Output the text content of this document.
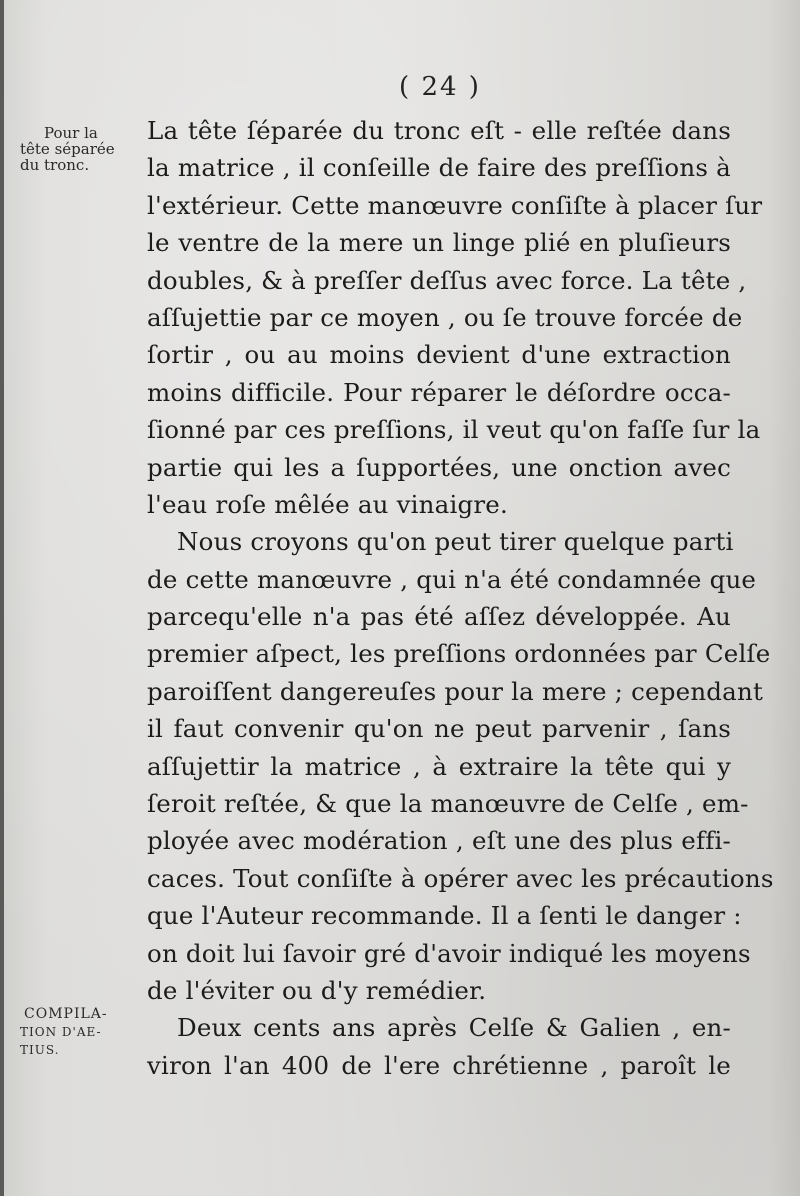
( 24 )
Pour la
tête séparée
du tronc.
COMPILA-
TION D'AE-
TIUS.
La tête ſéparée du tronc eſt - elle reſtée dans
la matrice , il conſeille de faire des preſſions à
l'extérieur. Cette manœuvre conſiſte à placer ſur
le ventre de la mere un linge plié en pluſieurs
doubles, & à preſſer deſſus avec force. La tête ,
aſſujettie par ce moyen , ou ſe trouve forcée de
ſortir , ou au moins devient d'une extraction
moins difficile. Pour réparer le déſordre occa-
ſionné par ces preſſions, il veut qu'on faſſe ſur la
partie qui les a ſupportées, une onction avec
l'eau roſe mêlée au vinaigre.
Nous croyons qu'on peut tirer quelque parti
de cette manœuvre , qui n'a été condamnée que
parcequ'elle n'a pas été aſſez développée. Au
premier aſpect, les preſſions ordonnées par Celſe
paroiſſent dangereuſes pour la mere ; cependant
il faut convenir qu'on ne peut parvenir , ſans
aſſujettir la matrice , à extraire la tête qui y
ſeroit reſtée, & que la manœuvre de Celſe , em-
ployée avec modération , eſt une des plus effi-
caces. Tout conſiſte à opérer avec les précautions
que l'Auteur recommande. Il a ſenti le danger :
on doit lui ſavoir gré d'avoir indiqué les moyens
de l'éviter ou d'y remédier.
Deux cents ans après Celſe & Galien , en-
viron l'an 400 de l'ere chrétienne , paroît le
